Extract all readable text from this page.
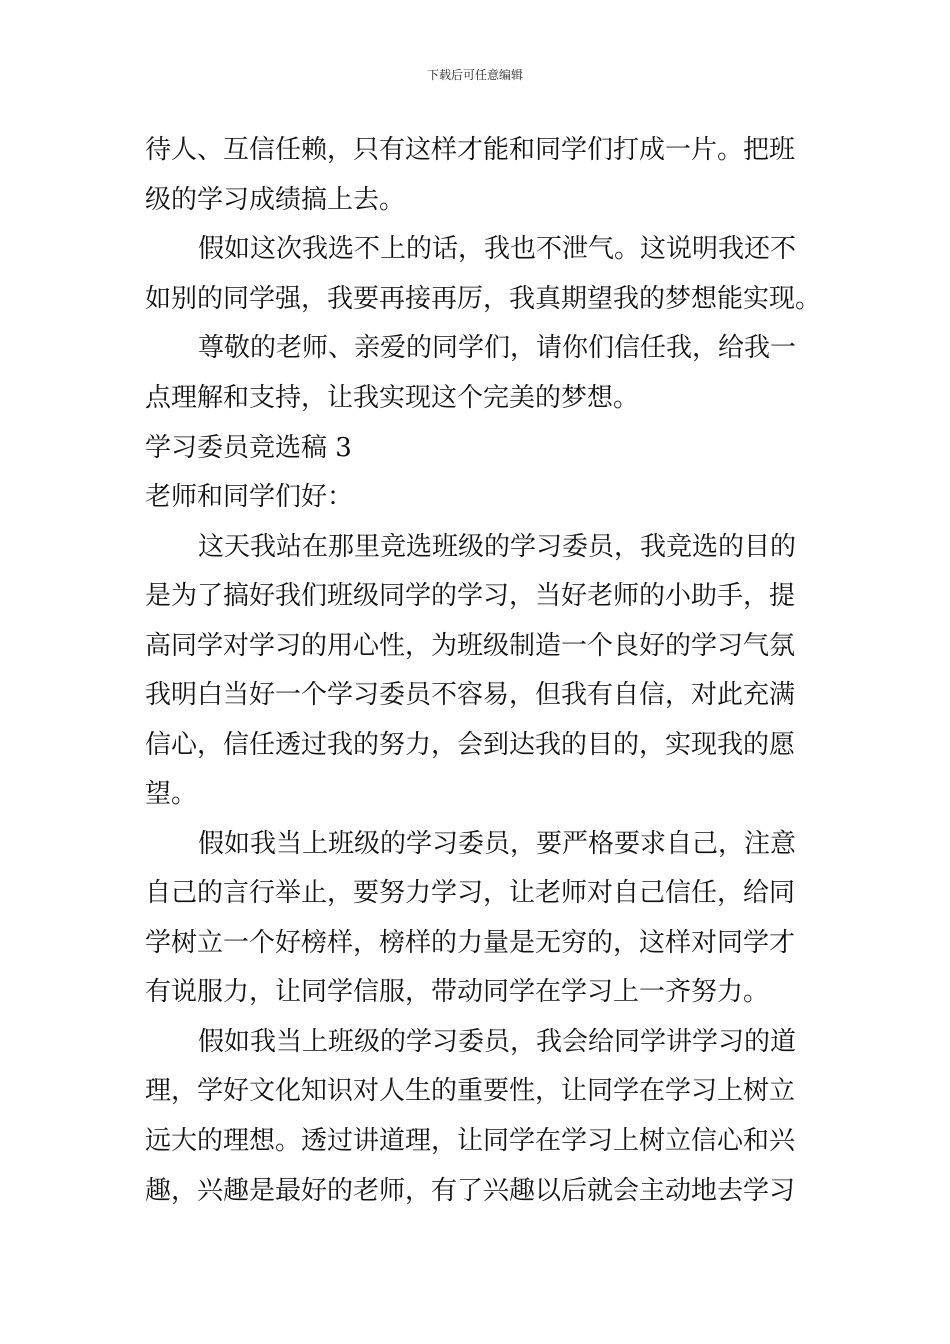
下载后可任意编辑
待人、互信任赖，只有这样才能和同学们打成一片。把班
级的学习成绩搞上去。
假如这次我选不上的话，我也不泄气。这说明我还不
如别的同学强，我要再接再厉，我真期望我的梦想能实现。
尊敬的老师、亲爱的同学们，请你们信任我，给我一
点理解和支持，让我实现这个完美的梦想。
学习委员竞选稿 3
老师和同学们好：
这天我站在那里竞选班级的学习委员，我竞选的目的
是为了搞好我们班级同学的学习，当好老师的小助手，提
高同学对学习的用心性，为班级制造一个良好的学习气氛
我明白当好一个学习委员不容易，但我有自信，对此充满
信心，信任透过我的努力，会到达我的目的，实现我的愿
望。
假如我当上班级的学习委员，要严格要求自己，注意
自己的言行举止，要努力学习，让老师对自己信任，给同
学树立一个好榜样，榜样的力量是无穷的，这样对同学才
有说服力，让同学信服，带动同学在学习上一齐努力。
假如我当上班级的学习委员，我会给同学讲学习的道
理，学好文化知识对人生的重要性，让同学在学习上树立
远大的理想。透过讲道理，让同学在学习上树立信心和兴
趣，兴趣是最好的老师，有了兴趣以后就会主动地去学习
